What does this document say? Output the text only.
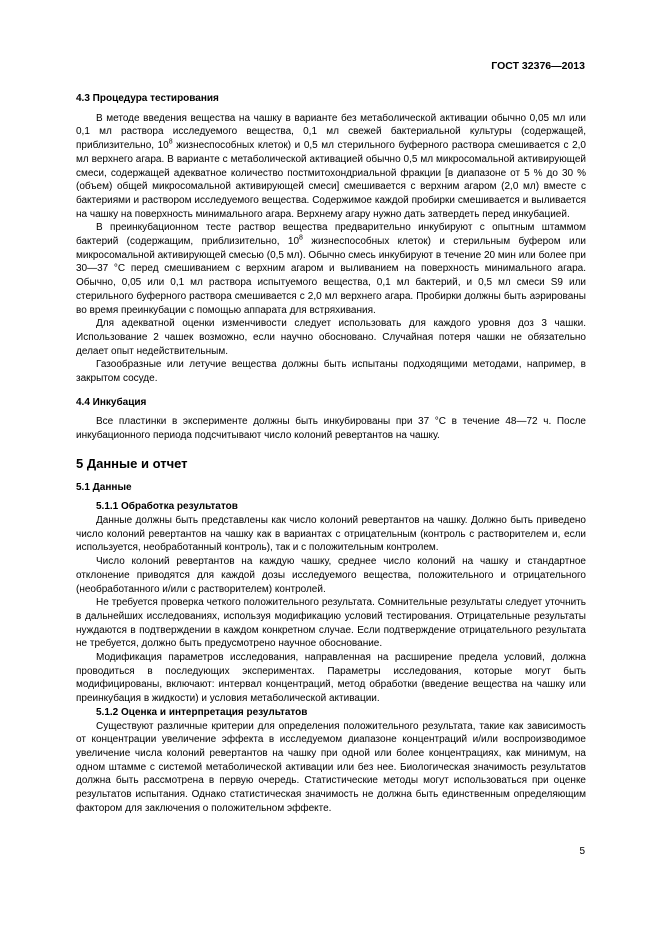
ГОСТ 32376—2013
4.3 Процедура тестирования

В методе введения вещества на чашку в варианте без метаболической активации обычно 0,05 мл или 0,1 мл раствора исследуемого вещества, 0,1 мл свежей бактериальной культуры (содержащей, приблизительно, $10^8$ жизнеспособных клеток) и 0,5 мл стерильного буферного раствора смешивается с 2,0 мл верхнего агара. В варианте с метаболической активацией обычно 0,5 мл микросомальной активирующей смеси, содержащей адекватное количество постмитохондриальной фракции [в диапазоне от 5 % до 30 % (объем) общей микросомальной активирующей смеси] смешивается с верхним агаром (2,0 мл) вместе с бактериями и раствором исследуемого вещества. Содержимое каждой пробирки смешивается и выливается на чашку на поверхность минимального агара. Верхнему агару нужно дать затвердеть перед инкубацией.

В преинкубационном тесте раствор вещества предварительно инкубируют с опытным штаммом бактерий (содержащим, приблизительно, $10^8$ жизнеспособных клеток) и стерильным буфером или микросомальной активирующей смесью (0,5 мл). Обычно смесь инкубируют в течение 20 мин или более при 30—37 °С перед смешиванием с верхним агаром и выливанием на поверхность минимального агара. Обычно, 0,05 или 0,1 мл раствора испытуемого вещества, 0,1 мл бактерий, и 0,5 мл смеси S9 или стерильного буферного раствора смешивается с 2,0 мл верхнего агара. Пробирки должны быть аэрированы во время преинкубации с помощью аппарата для встряхивания.

Для адекватной оценки изменчивости следует использовать для каждого уровня доз 3 чашки. Использование 2 чашек возможно, если научно обосновано. Случайная потеря чашки не обязательно делает опыт недействительным.

Газообразные или летучие вещества должны быть испытаны подходящими методами, например, в закрытом сосуде.

4.4 Инкубация

Все пластинки в эксперименте должны быть инкубированы при 37 °С в течение 48—72 ч. После инкубационного периода подсчитывают число колоний ревертантов на чашку.

5 Данные и отчет
5.1 Данные
5.1.1 Обработка результатов

Данные должны быть представлены как число колоний ревертантов на чашку. Должно быть приведено число колоний ревертантов на чашку как в вариантах с отрицательным (контроль с растворителем и, если используется, необработанный контроль), так и с положительным контролем.

Число колоний ревертантов на каждую чашку, среднее число колоний на чашку и стандартное отклонение приводятся для каждой дозы исследуемого вещества, положительного и отрицательного (необработанного и/или с растворителем) контролей.

Не требуется проверка четкого положительного результата. Сомнительные результаты следует уточнить в дальнейших исследованиях, используя модификацию условий тестирования. Отрицательные результаты нуждаются в подтверждении в каждом конкретном случае. Если подтверждение отрицательного результата не требуется, должно быть предусмотрено научное обоснование.

Модификация параметров исследования, направленная на расширение предела условий, должна проводиться в последующих экспериментах. Параметры исследования, которые могут быть модифицированы, включают: интервал концентраций, метод обработки (введение вещества на чашку или преинкубация в жидкости) и условия метаболической активации.

5.1.2 Оценка и интерпретация результатов

Существуют различные критерии для определения положительного результата, такие как зависимость от концентрации увеличение эффекта в исследуемом диапазоне концентраций и/или воспроизводимое увеличение числа колоний ревертантов на чашку при одной или более концентрациях, как минимум, на одном штамме с системой метаболической активации или без нее. Биологическая значимость результатов должна быть рассмотрена в первую очередь. Статистические методы могут использоваться при оценке результатов испытания. Однако статистическая значимость не должна быть единственным определяющим фактором для заключения о положительном эффекте.

5
